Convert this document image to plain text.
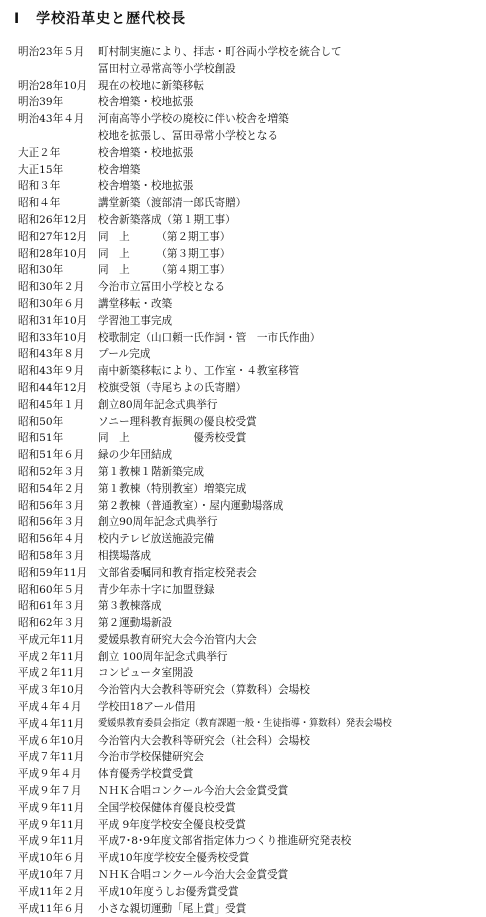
I 学校沿革史と歴代校長
明治23年５月	町村制実施により、拝志・町谷両小学校を統合して
冨田村立尋常高等小学校創設
明治28年10月	現在の校地に新築移転
明治39年	校舎増築・校地拡張
明治43年４月	河南高等小学校の廃校に伴い校舎を増築
校地を拡張し、冨田尋常小学校となる
大正２年	校舎増築・校地拡張
大正15年	校舎増築
昭和３年	校舎増築・校地拡張
昭和４年	講堂新築（渡部清一郎氏寄贈）
昭和26年12月	校舎新築落成（第１期工事）
昭和27年12月	同　上　　　（第２期工事）
昭和28年10月	同　上　　　（第３期工事）
昭和30年	同　上　　　（第４期工事）
昭和30年２月	今治市立冨田小学校となる
昭和30年６月	講堂移転・改築
昭和31年10月	学習池工事完成
昭和33年10月	校歌制定（山口頼一氏作詞・管　一市氏作曲）
昭和43年８月	プール完成
昭和43年９月	南中新築移転により、工作室・４教室移管
昭和44年12月	校旗受領（寺尾ちよの氏寄贈）
昭和45年１月	創立80周年記念式典挙行
昭和50年	ソニー理科教育振興の優良校受賞
昭和51年	同　上　　　　　　優秀校受賞
昭和51年６月	緑の少年団結成
昭和52年３月	第１教棟１階新築完成
昭和54年２月	第１教棟（特別教室）増築完成
昭和56年３月	第２教棟（普通教室）・屋内運動場落成
昭和56年３月	創立90周年記念式典挙行
昭和56年４月	校内テレビ放送施設完備
昭和58年３月	相撲場落成
昭和59年11月	文部省委嘱同和教育指定校発表会
昭和60年５月	青少年赤十字に加盟登録
昭和61年３月	第３教棟落成
昭和62年３月	第２運動場新設
平成元年11月	愛媛県教育研究大会今治管内大会
平成２年11月	創立 100周年記念式典挙行
平成２年11月	コンピュータ室開設
平成３年10月	今治管内大会教科等研究会（算数科）会場校
平成４年４月	学校田18アール借用
平成４年11月	愛媛県教育委員会指定（教育課題一般・生徒指導・算数科）発表会場校
平成６年10月	今治管内大会教科等研究会（社会科）会場校
平成７年11月	今治市学校保健研究会
平成９年４月	体育優秀学校賞受賞
平成９年７月	ＮＨＫ合唱コンクール今治大会金賞受賞
平成９年11月	全国学校保健体育優良校受賞
平成９年11月	平成 9年度学校安全優良校受賞
平成９年11月	平成7･8･9年度文部省指定体力つくり推進研究発表校
平成10年６月	平成10年度学校安全優秀校受賞
平成10年７月	ＮＨＫ合唱コンクール今治大会金賞受賞
平成11年２月	平成10年度うしお優秀賞受賞
平成11年６月	小さな親切運動「尾上賞」受賞
